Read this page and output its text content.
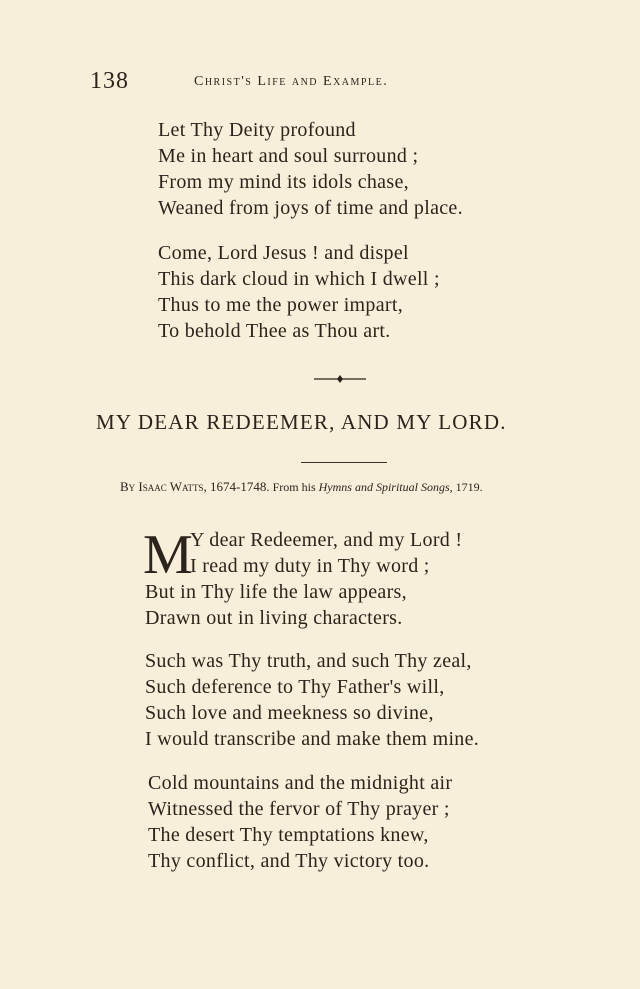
138	Christ's Life and Example.
Let Thy Deity profound
Me in heart and soul surround ;
From my mind its idols chase,
Weaned from joys of time and place.
Come, Lord Jesus ! and dispel
This dark cloud in which I dwell ;
Thus to me the power impart,
To behold Thee as Thou art.
MY DEAR REDEEMER, AND MY LORD.
By Isaac Watts, 1674-1748. From his Hymns and Spiritual Songs, 1719.
M
Y dear Redeemer, and my Lord !
I read my duty in Thy word ;
But in Thy life the law appears,
Drawn out in living characters.
Such was Thy truth, and such Thy zeal,
Such deference to Thy Father's will,
Such love and meekness so divine,
I would transcribe and make them mine.
Cold mountains and the midnight air
Witnessed the fervor of Thy prayer ;
The desert Thy temptations knew,
Thy conflict, and Thy victory too.
